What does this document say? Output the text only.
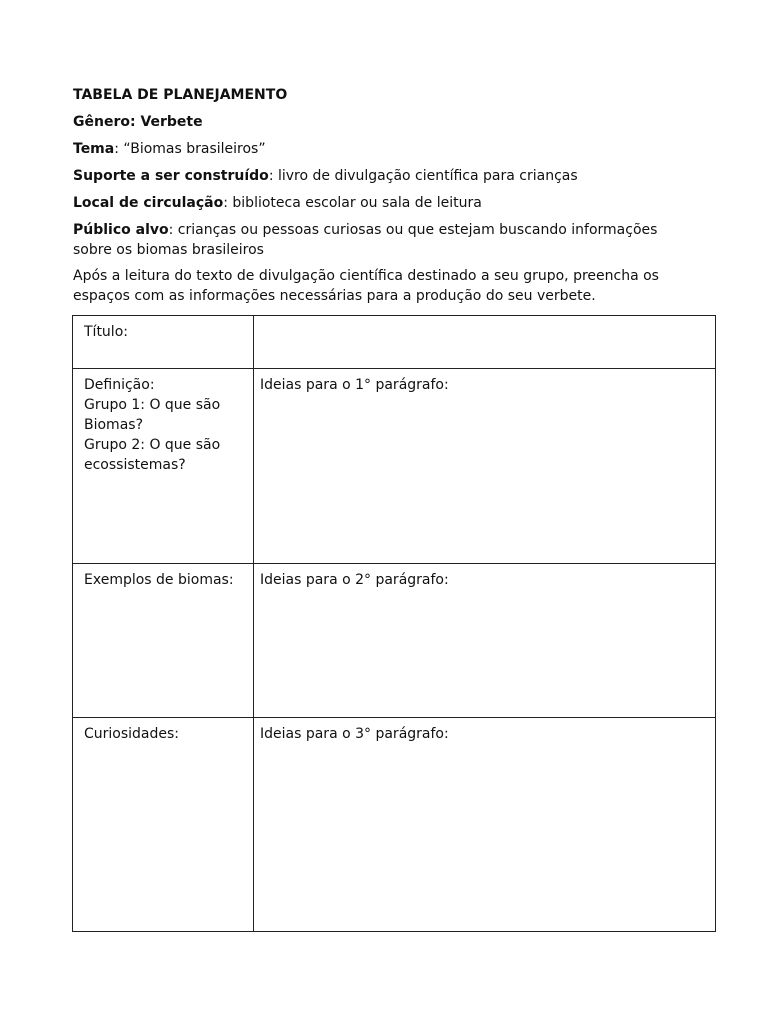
TABELA DE PLANEJAMENTO

Gênero: Verbete

Tema: “Biomas brasileiros”

Suporte a ser construído: livro de divulgação científica para crianças

Local de circulação: biblioteca escolar ou sala de leitura

Público alvo: crianças ou pessoas curiosas ou que estejam buscando informações
sobre os biomas brasileiros

Após a leitura do texto de divulgação científica destinado a seu grupo, preencha os
espaços com as informações necessárias para a produção do seu verbete.

Título:	

Definição:
Grupo 1: O que são
Biomas?
Grupo 2: O que são
ecossistemas?	Ideias para o 1° parágrafo:

Exemplos de biomas:	Ideias para o 2° parágrafo:

Curiosidades:	Ideias para o 3° parágrafo:
